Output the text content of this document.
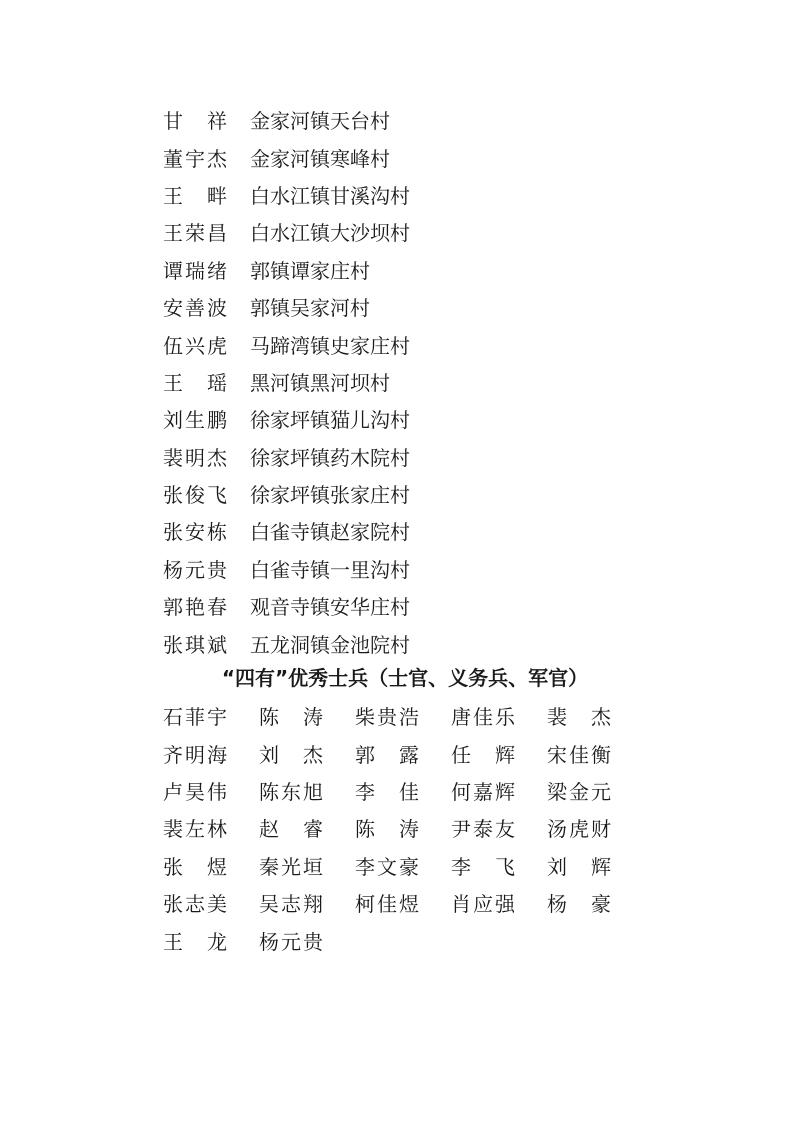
甘祥 金家河镇天台村
董宇杰 金家河镇寒峰村
王畔 白水江镇甘溪沟村
王荣昌 白水江镇大沙坝村
谭瑞绪 郭镇谭家庄村
安善波 郭镇吴家河村
伍兴虎 马蹄湾镇史家庄村
王瑶 黑河镇黑河坝村
刘生鹏 徐家坪镇猫儿沟村
裴明杰 徐家坪镇药木院村
张俊飞 徐家坪镇张家庄村
张安栋 白雀寺镇赵家院村
杨元贵 白雀寺镇一里沟村
郭艳春 观音寺镇安华庄村
张琪斌 五龙洞镇金池院村
“四有”优秀士兵（士官、义务兵、军官）
石菲宇 陈涛 柴贵浩 唐佳乐 裴杰
齐明海 刘杰 郭露 任辉 宋佳衡
卢昊伟 陈东旭 李佳 何嘉辉 梁金元
裴左林 赵睿 陈涛 尹泰友 汤虎财
张煜 秦光垣 李文豪 李飞 刘辉
张志美 吴志翔 柯佳煜 肖应强 杨豪
王龙 杨元贵
